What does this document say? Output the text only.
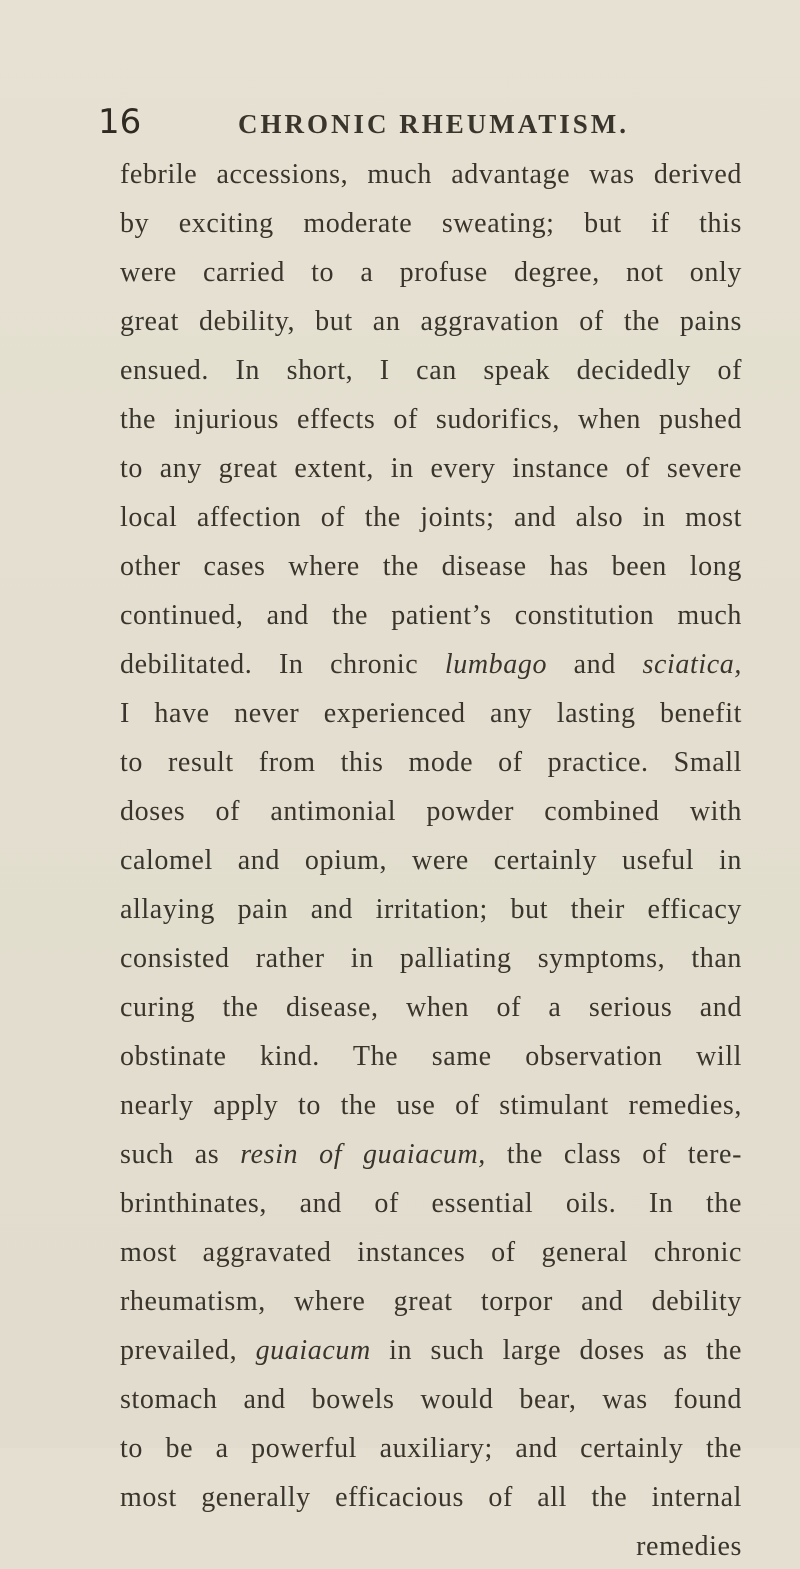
16	CHRONIC RHEUMATISM.
febrile accessions, much advantage was derived
by exciting moderate sweating; but if this
were carried to a profuse degree, not only
great debility, but an aggravation of the pains
ensued. In short, I can speak decidedly of
the injurious effects of sudorifics, when pushed
to any great extent, in every instance of severe
local affection of the joints; and also in most
other cases where the disease has been long
continued, and the patient’s constitution much
debilitated. In chronic lumbago and sciatica,
I have never experienced any lasting benefit
to result from this mode of practice. Small
doses of antimonial powder combined with
calomel and opium, were certainly useful in
allaying pain and irritation; but their efficacy
consisted rather in palliating symptoms, than
curing the disease, when of a serious and
obstinate kind. The same observation will
nearly apply to the use of stimulant remedies,
such as resin of guaiacum, the class of tere-
brinthinates, and of essential oils. In the
most aggravated instances of general chronic
rheumatism, where great torpor and debility
prevailed, guaiacum in such large doses as the
stomach and bowels would bear, was found
to be a powerful auxiliary; and certainly the
most generally efficacious of all the internal
remedies
